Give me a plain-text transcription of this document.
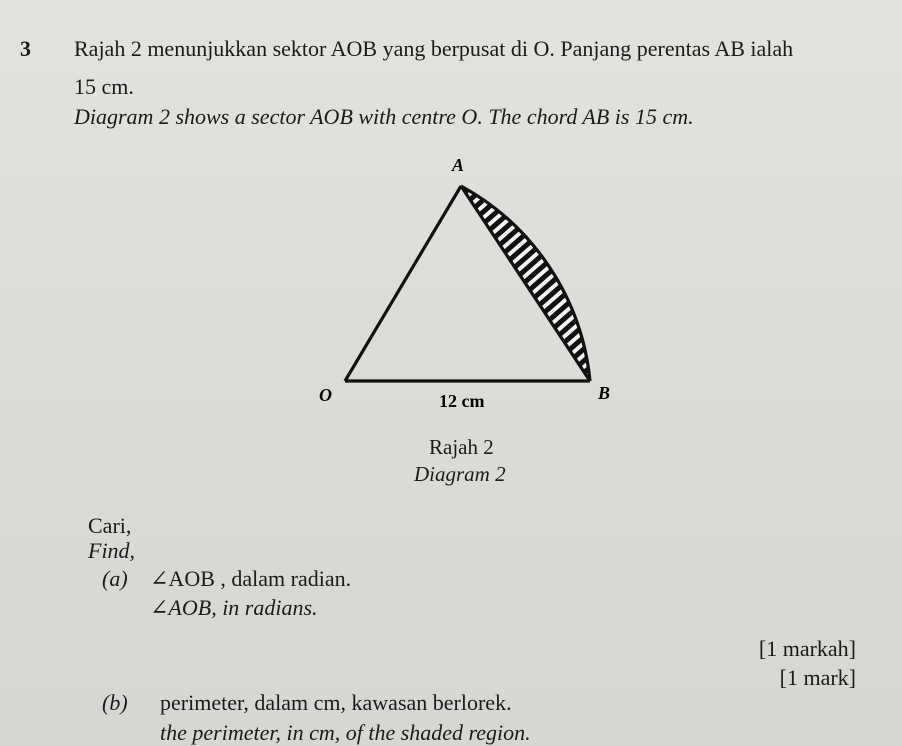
3 Rajah 2 menunjukkan sektor AOB yang berpusat di O. Panjang perentas AB ialah
15 cm.
Diagram 2 shows a sector AOB with centre O. The chord AB is 15 cm.
A
O	B
12 cm
Rajah 2
Diagram 2
Cari,
Find,
(a) ∠AOB , dalam radian.
∠AOB, in radians.
[1 markah]
[1 mark]
(b) perimeter, dalam cm, kawasan berlorek.
the perimeter, in cm, of the shaded region.
